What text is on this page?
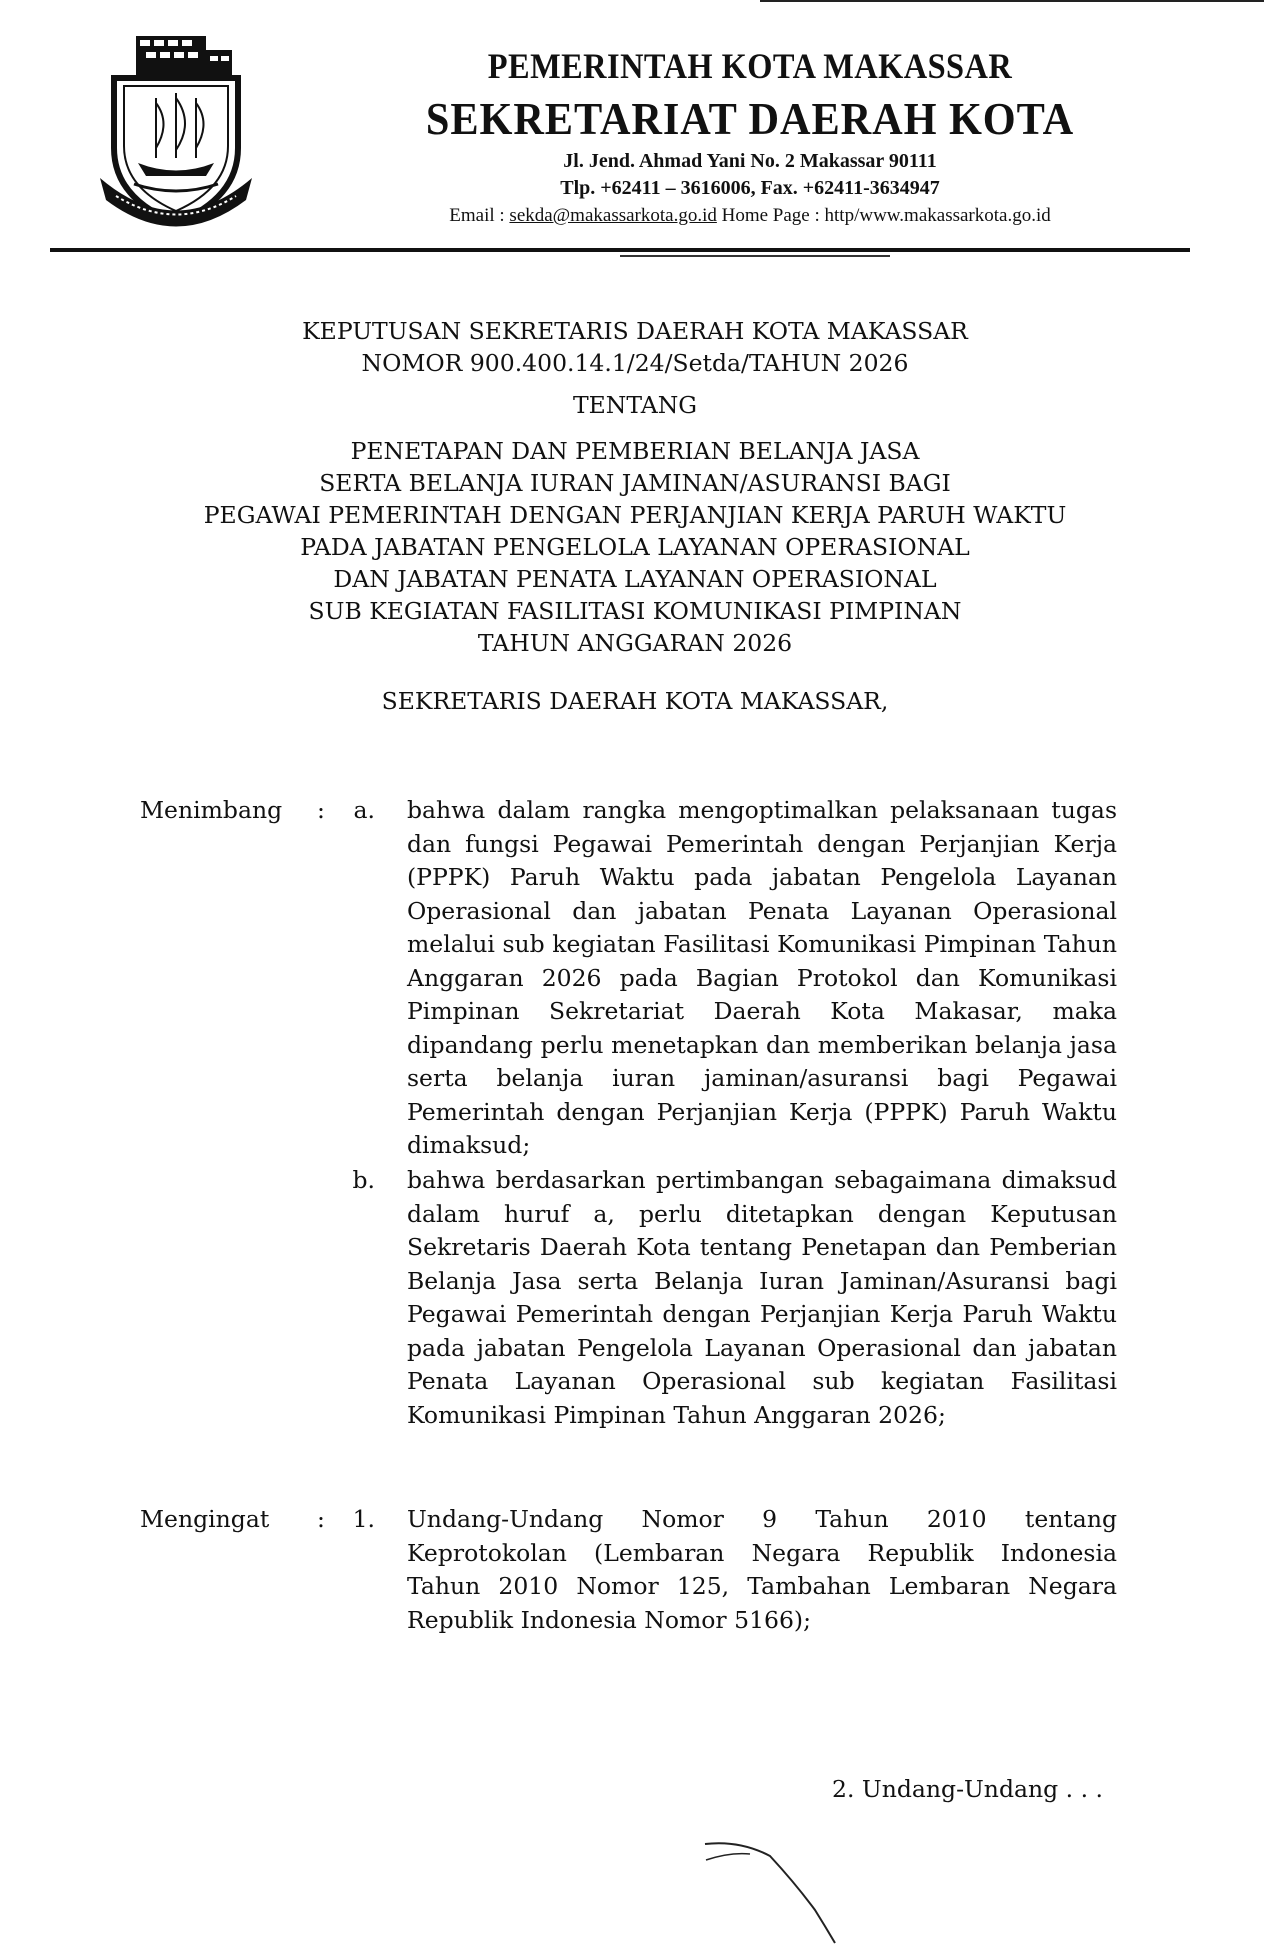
PEMERINTAH KOTA MAKASSAR

SEKRETARIAT DAERAH KOTA

Jl. Jend. Ahmad Yani No. 2 Makassar 90111

Tlp. +62411 – 3616006, Fax. +62411-3634947

Email : sekda@makassarkota.go.id Home Page : http/www.makassarkota.go.id

KEPUTUSAN SEKRETARIS DAERAH KOTA MAKASSAR

NOMOR 900.400.14.1/24/Setda/TAHUN 2026

TENTANG

PENETAPAN DAN PEMBERIAN BELANJA JASA

SERTA BELANJA IURAN JAMINAN/ASURANSI BAGI

PEGAWAI PEMERINTAH DENGAN PERJANJIAN KERJA PARUH WAKTU

PADA JABATAN PENGELOLA LAYANAN OPERASIONAL

DAN JABATAN PENATA LAYANAN OPERASIONAL

SUB KEGIATAN FASILITASI KOMUNIKASI PIMPINAN

TAHUN ANGGARAN 2026

SEKRETARIS DAERAH KOTA MAKASSAR,

Menimbang :	a. bahwa dalam rangka mengoptimalkan pelaksanaan tugas dan fungsi Pegawai Pemerintah dengan Perjanjian Kerja (PPPK) Paruh Waktu pada jabatan Pengelola Layanan Operasional dan jabatan Penata Layanan Operasional melalui sub kegiatan Fasilitasi Komunikasi Pimpinan Tahun Anggaran 2026 pada Bagian Protokol dan Komunikasi Pimpinan Sekretariat Daerah Kota Makasar, maka dipandang perlu menetapkan dan memberikan belanja jasa serta belanja iuran jaminan/asuransi bagi Pegawai Pemerintah dengan Perjanjian Kerja (PPPK) Paruh Waktu dimaksud;

b. bahwa berdasarkan pertimbangan sebagaimana dimaksud dalam huruf a, perlu ditetapkan dengan Keputusan Sekretaris Daerah Kota tentang Penetapan dan Pemberian Belanja Jasa serta Belanja Iuran Jaminan/Asuransi bagi Pegawai Pemerintah dengan Perjanjian Kerja Paruh Waktu pada jabatan Pengelola Layanan Operasional dan jabatan Penata Layanan Operasional sub kegiatan Fasilitasi Komunikasi Pimpinan Tahun Anggaran 2026;

Mengingat :	1. Undang-Undang Nomor 9 Tahun 2010 tentang Keprotokolan (Lembaran Negara Republik Indonesia Tahun 2010 Nomor 125, Tambahan Lembaran Negara Republik Indonesia Nomor 5166);

2. Undang-Undang . . .
